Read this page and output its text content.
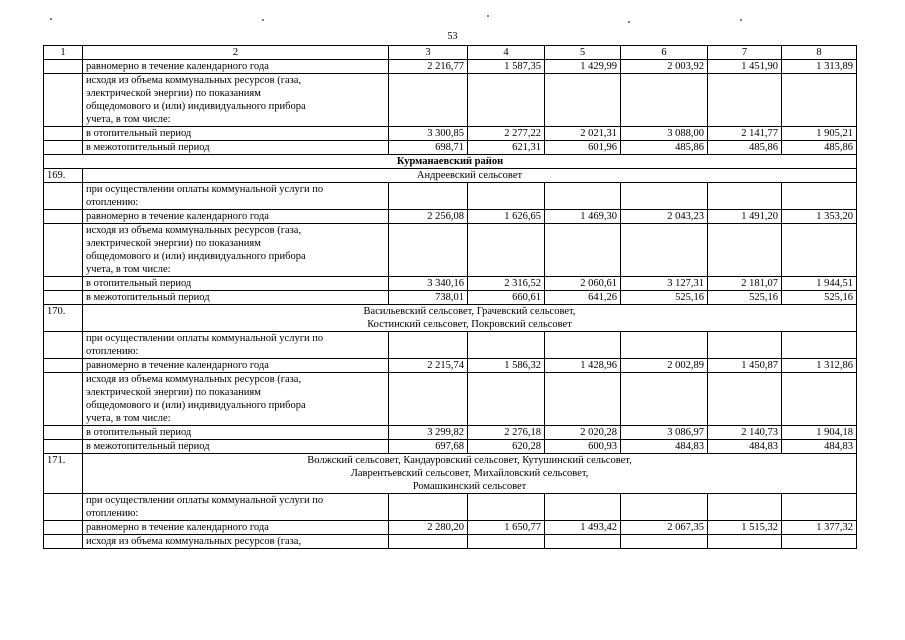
53
1	2	3	4	5	6	7	8
	равномерно в течение календарного года	2 216,77	1 587,35	1 429,99	2 003,92	1 451,90	1 313,89

	исходя из объема коммунальных ресурсов (газа,
электрической энергии) по показаниям
общедомового и (или) индивидуального прибора
учета, в том числе:						

	в отопительный период	3 300,85	2 277,22	2 021,31	3 088,00	2 141,77	1 905,21
	в межотопительный период	698,71	621,31	601,96	485,86	485,86	485,86
Курманаевский район							
169.	Андреевский сельсовет						

	при осуществлении оплаты коммунальной услуги по
отоплению:						

	равномерно в течение календарного года	2 256,08	1 626,65	1 469,30	2 043,23	1 491,20	1 353,20

	исходя из объема коммунальных ресурсов (газа,
электрической энергии) по показаниям
общедомового и (или) индивидуального прибора
учета, в том числе:						

	в отопительный период	3 340,16	2 316,52	2 060,61	3 127,31	2 181,07	1 944,51
	в межотопительный период	738,01	660,61	641,26	525,16	525,16	525,16
170.	Васильевский сельсовет, Грачевский сельсовет,
Костинский сельсовет, Покровский сельсовет						

	при осуществлении оплаты коммунальной услуги по
отоплению:						

	равномерно в течение календарного года	2 215,74	1 586,32	1 428,96	2 002,89	1 450,87	1 312,86

	исходя из объема коммунальных ресурсов (газа,
электрической энергии) по показаниям
общедомового и (или) индивидуального прибора
учета, в том числе:						

	в отопительный период	3 299,82	2 276,18	2 020,28	3 086,97	2 140,73	1 904,18
	в межотопительный период	697,68	620,28	600,93	484,83	484,83	484,83
171.	Волжский сельсовет, Кандауровский сельсовет, Кутушинский сельсовет,
Лаврентьевский сельсовет, Михайловский сельсовет,
Ромашкинский сельсовет						

	при осуществлении оплаты коммунальной услуги по
отоплению:						

	равномерно в течение календарного года	2 280,20	1 650,77	1 493,42	2 067,35	1 515,32	1 377,32

	исходя из объема коммунальных ресурсов (газа,						
